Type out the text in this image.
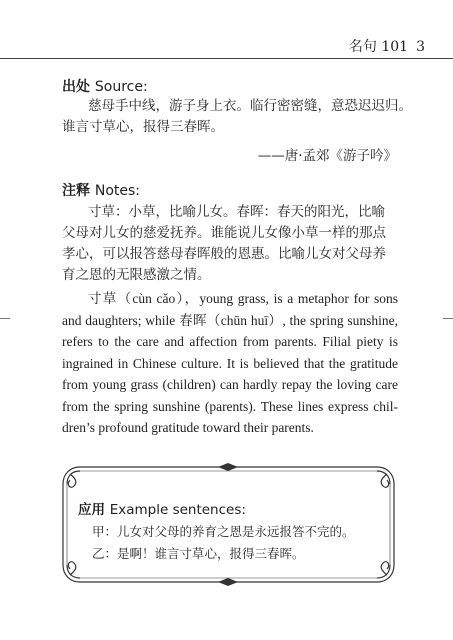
名句 101 3
出处 Source:
慈母手中线，游子身上衣。临行密密缝，意恐迟迟归。
谁言寸草心，报得三春晖。
——唐·孟郊《游子吟》
注释 Notes:
寸草：小草，比喻儿女。春晖：春天的阳光，比喻
父母对儿女的慈爱抚养。谁能说儿女像小草一样的那点
孝心，可以报答慈母春晖般的恩惠。比喻儿女对父母养
育之恩的无限感激之情。
寸草（cùn cǎo），young grass, is a metaphor for sons
and daughters; while 春晖（chūn huī）, the spring sunshine,
refers to the care and affection from parents. Filial piety is
ingrained in Chinese culture. It is believed that the gratitude
from young grass (children) can hardly repay the loving care
from the spring sunshine (parents). These lines express chil-
dren’s profound gratitude toward their parents.
应用 Example sentences:
甲：儿女对父母的养育之恩是永远报答不完的。
乙：是啊！谁言寸草心，报得三春晖。
